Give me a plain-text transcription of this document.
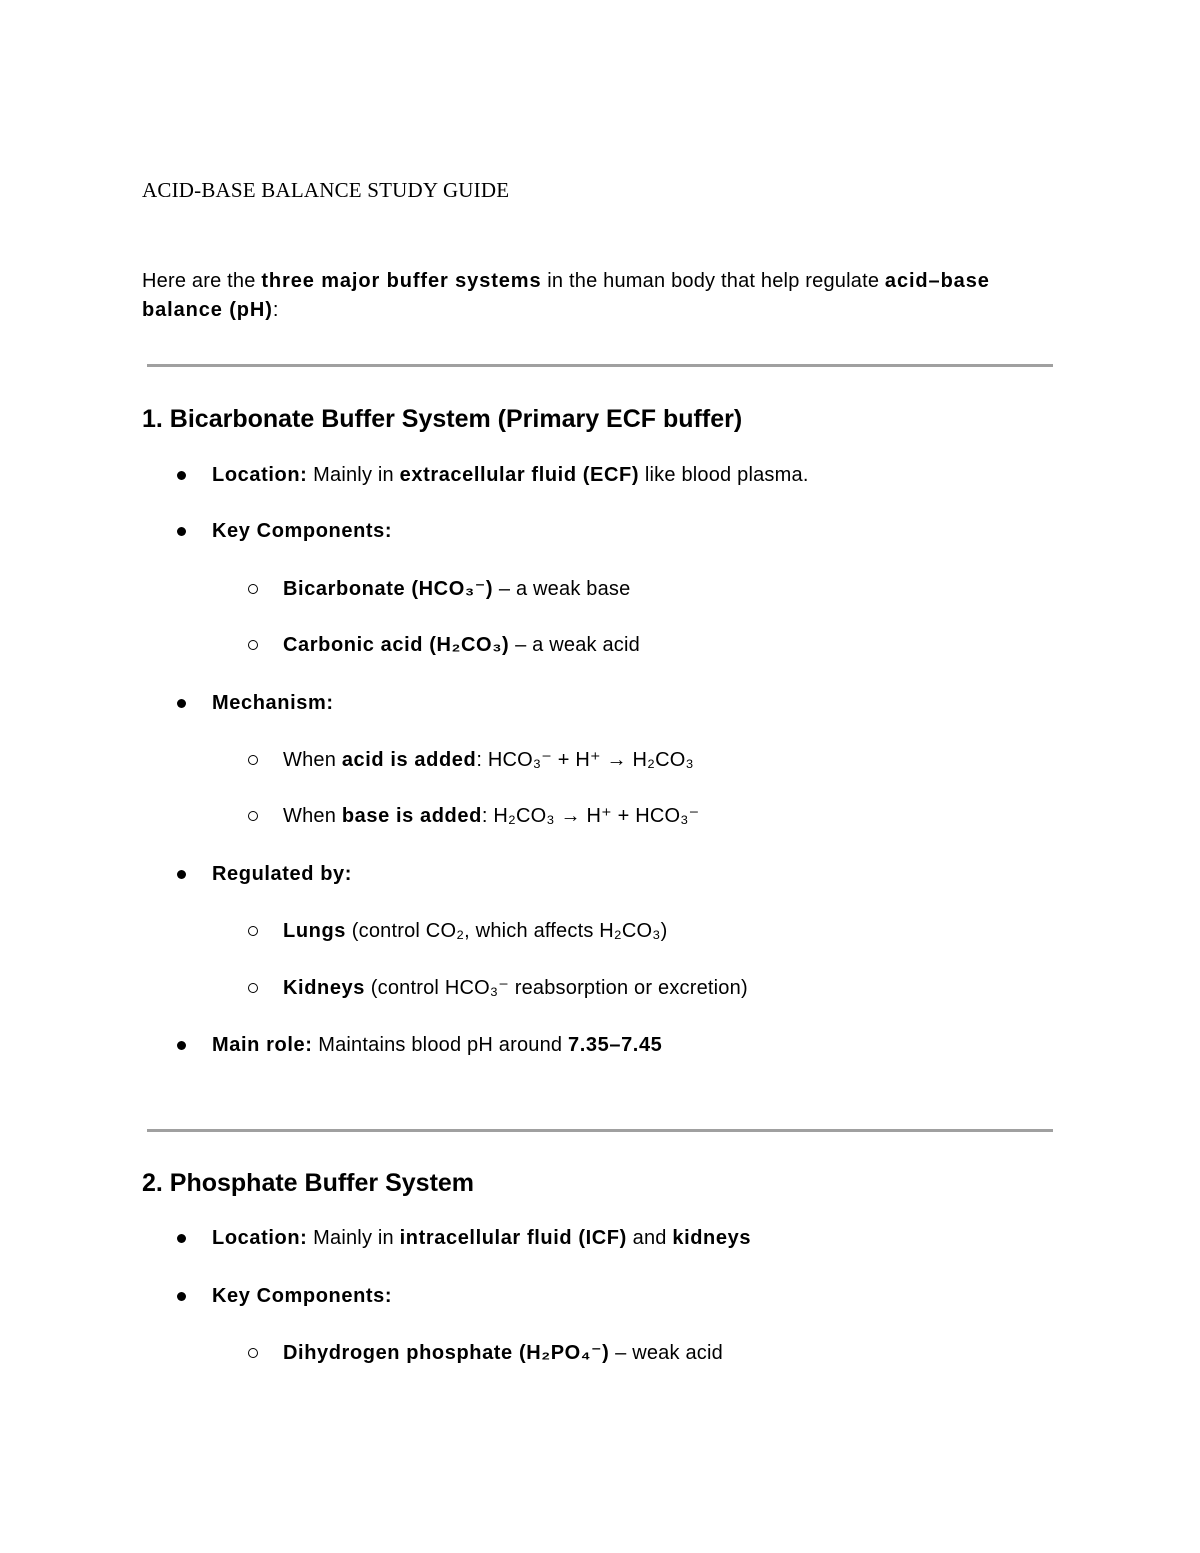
ACID-BASE BALANCE STUDY GUIDE

Here are the three major buffer systems in the human body that help regulate acid–base balance (pH):

1. Bicarbonate Buffer System (Primary ECF buffer)
Location: Mainly in extracellular fluid (ECF) like blood plasma.
Key Components:
Bicarbonate (HCO₃⁻) – a weak base
Carbonic acid (H₂CO₃) – a weak acid
Mechanism:
When acid is added: HCO₃⁻ + H⁺ → H₂CO₃
When base is added: H₂CO₃ → H⁺ + HCO₃⁻
Regulated by:
Lungs (control CO₂, which affects H₂CO₃)
Kidneys (control HCO₃⁻ reabsorption or excretion)
Main role: Maintains blood pH around 7.35–7.45
2. Phosphate Buffer System
Location: Mainly in intracellular fluid (ICF) and kidneys
Key Components:
Dihydrogen phosphate (H₂PO₄⁻) – weak acid
